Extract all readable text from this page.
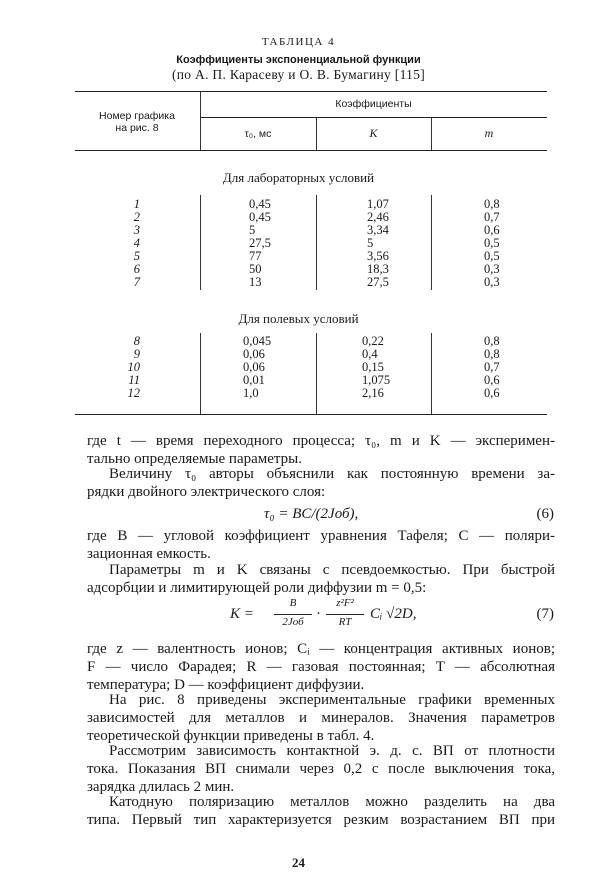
ТАБЛИЦА 4
Коэффициенты экспоненциальной функции
(по А. П. Карасеву и О. В. Бумагину [115]
Номер графика на рис. 8
Коэффициенты
τ₀, мс	K	m
Для лабораторных условий
1	0,45	1,07	0,8
2	0,45	2,46	0,7
3	5	3,34	0,6
4	27,5	5	0,5
5	77	3,56	0,5
6	50	18,3	0,3
7	13	27,5	0,3
Для полевых условий
8	0,045	0,22	0,8
9	0,06	0,4	0,8
10	0,06	0,15	0,7
11	0,01	1,075	0,6
12	1,0	2,16	0,6

где t — время переходного процесса; τ₀, m и K — эксперимен-

тально определяемые параметры.

Величину τ₀ авторы объяснили как постоянную времени за-

рядки двойного электрического слоя:

τ₀ = BC/(2Jоб),	(6)

где B — угловой коэффициент уравнения Тафеля; C — поляри-

зационная емкость.

Параметры m и K связаны с псевдоемкостью. При быстрой

адсорбции и лимитирующей роли диффузии m = 0,5:

K =
B
2Jоб ·
z²F²
RT	Cᵢ √2D,	(7)

где z — валентность ионов; Cᵢ — концентрация активных ионов;

F — число Фарадея; R — газовая постоянная; T — абсолютная

температура; D — коэффициент диффузии.

На рис. 8 приведены экспериментальные графики временных

зависимостей для металлов и минералов. Значения параметров

теоретической функции приведены в табл. 4.

Рассмотрим зависимость контактной э. д. с. ВП от плотности

тока. Показания ВП снимали через 0,2 с после выключения тока,

зарядка длилась 2 мин.

Катодную поляризацию металлов можно разделить на два

типа. Первый тип характеризуется резким возрастанием ВП при

24
